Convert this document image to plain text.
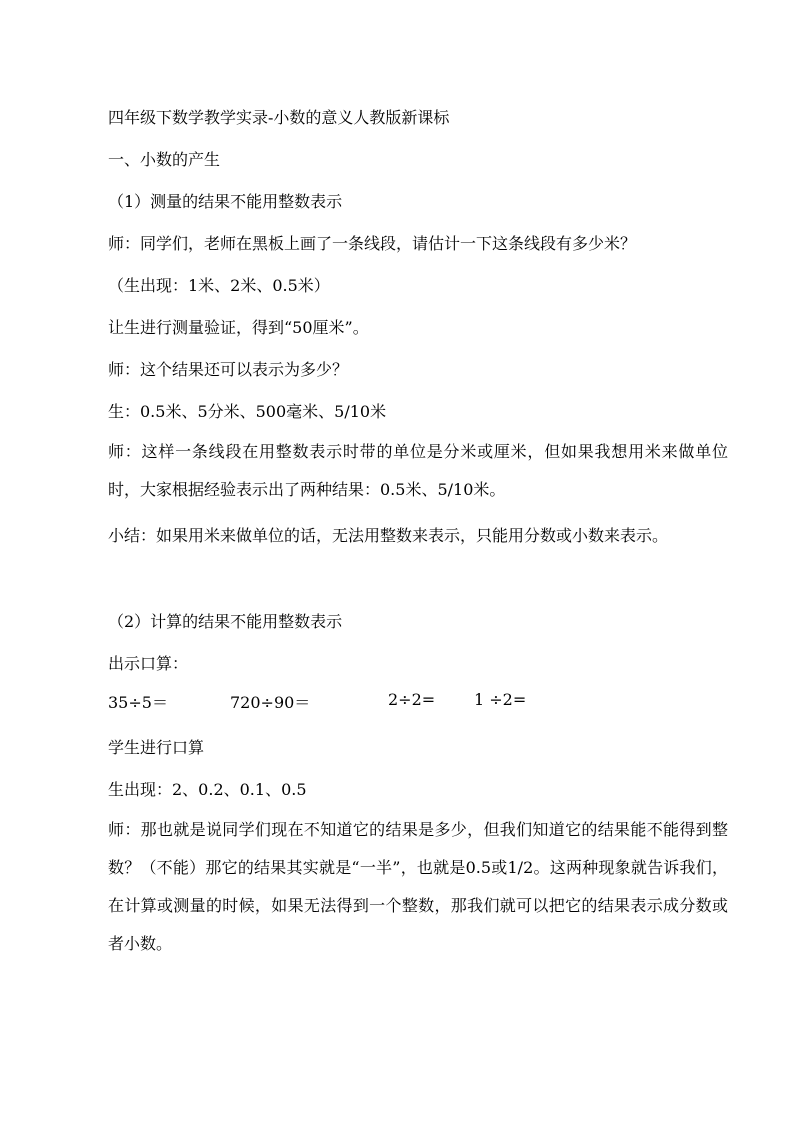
四年级下数学教学实录-小数的意义人教版新课标

一、小数的产生

（1）测量的结果不能用整数表示

师：同学们，老师在黑板上画了一条线段，请估计一下这条线段有多少米？

（生出现：1米、2米、0.5米）

让生进行测量验证，得到“50厘米”。

师：这个结果还可以表示为多少？

生：0.5米、5分米、500毫米、5/10米

师：这样一条线段在用整数表示时带的单位是分米或厘米，但如果我想用米来做单位时，大家根据经验表示出了两种结果：0.5米、5/10米。

小结：如果用米来做单位的话，无法用整数来表示，只能用分数或小数来表示。

（2）计算的结果不能用整数表示

出示口算：

35÷5＝	720÷90＝	2÷2= 1 ÷2=

学生进行口算

生出现：2、0.2、0.1、0.5

师：那也就是说同学们现在不知道它的结果是多少，但我们知道它的结果能不能得到整数？（不能）那它的结果其实就是“一半”，也就是0.5或1/2。这两种现象就告诉我们，在计算或测量的时候，如果无法得到一个整数，那我们就可以把它的结果表示成分数或者小数。
